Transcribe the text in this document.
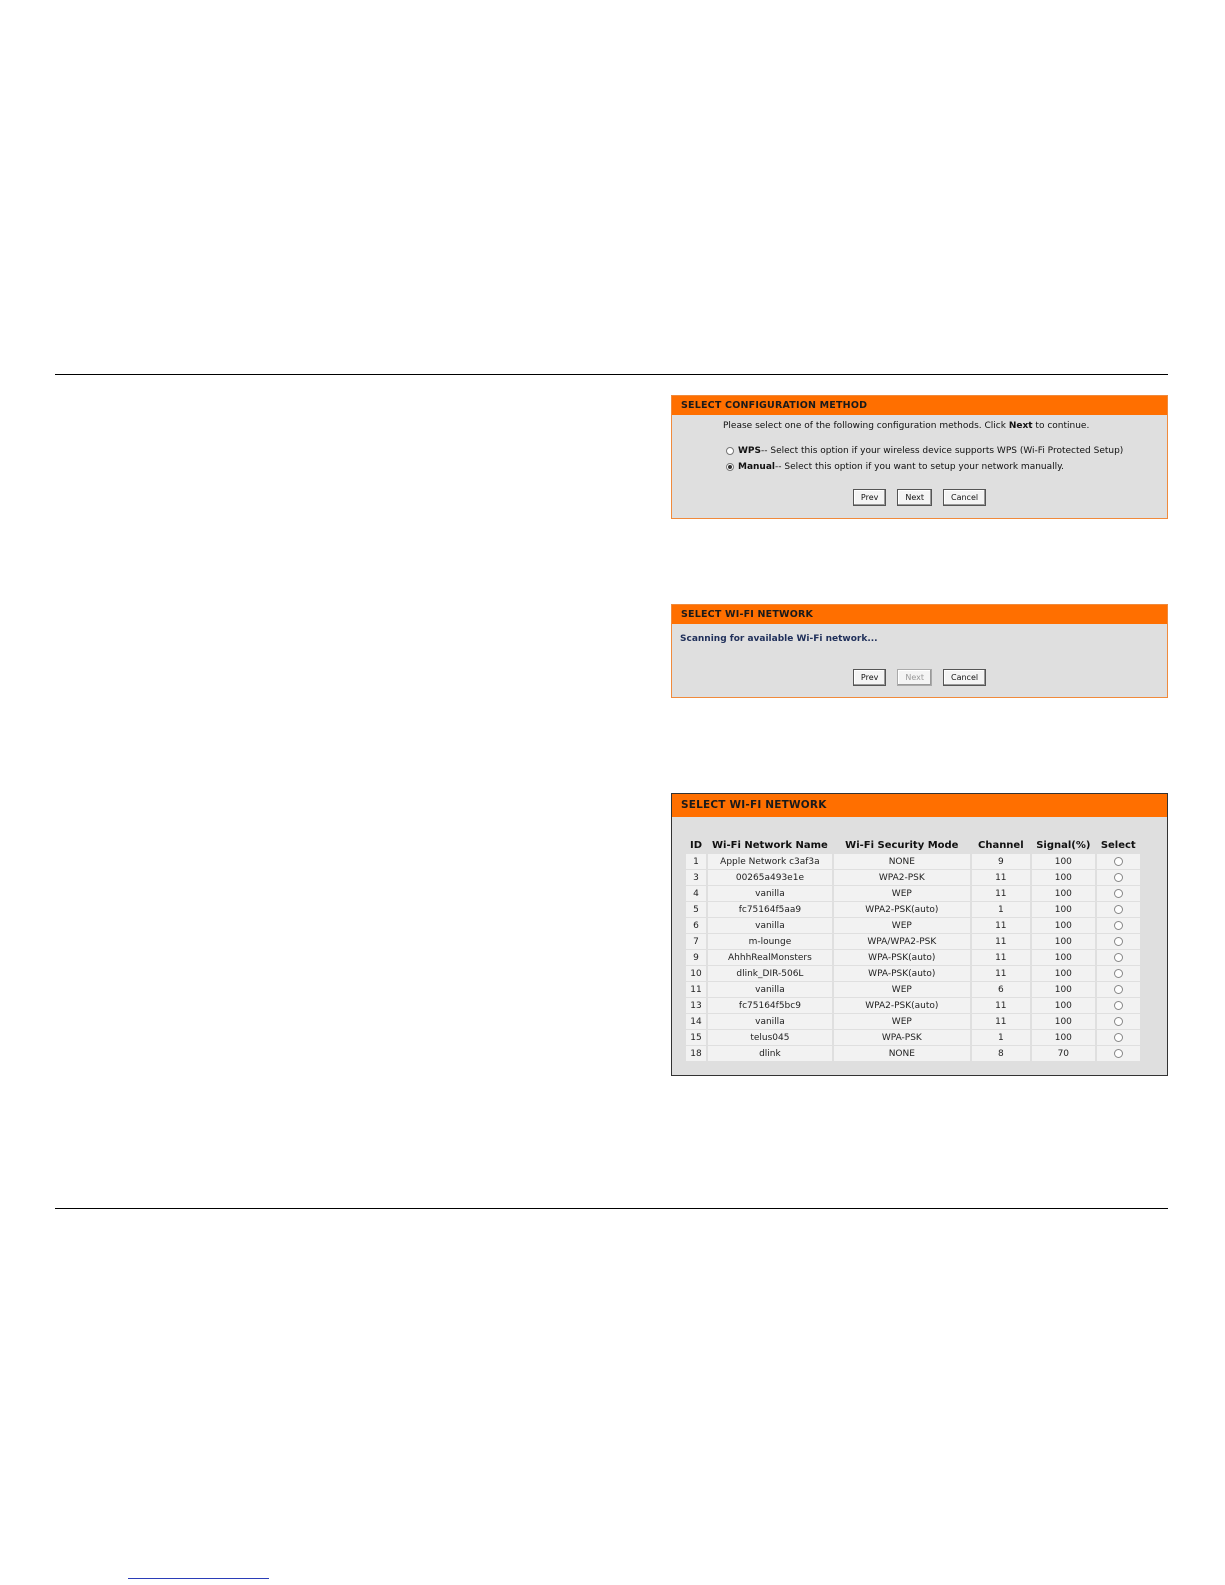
SELECT CONFIGURATION METHOD
Please select one of the following configuration methods. Click Next to continue.
WPS -- Select this option if your wireless device supports WPS (Wi-Fi Protected Setup)
Manual -- Select this option if you want to setup your network manually.
Prev	Next	Cancel
SELECT WI-FI NETWORK
Scanning for available Wi-Fi network...
Prev	Next	Cancel
SELECT WI-FI NETWORK
ID	Wi-Fi Network Name	Wi-Fi Security Mode	Channel	Signal(%)	Select
1	Apple Network c3af3a	NONE	9	100	
3	00265a493e1e	WPA2-PSK	11	100	
4	vanilla	WEP	11	100	
5	fc75164f5aa9	WPA2-PSK(auto)	1	100	
6	vanilla	WEP	11	100	
7	m-lounge	WPA/WPA2-PSK	11	100	
9	AhhhRealMonsters	WPA-PSK(auto)	11	100	
10	dlink_DIR-506L	WPA-PSK(auto)	11	100	
11	vanilla	WEP	6	100	
13	fc75164f5bc9	WPA2-PSK(auto)	11	100	
14	vanilla	WEP	11	100	
15	telus045	WPA-PSK	1	100	
18	dlink	NONE	8	70	
